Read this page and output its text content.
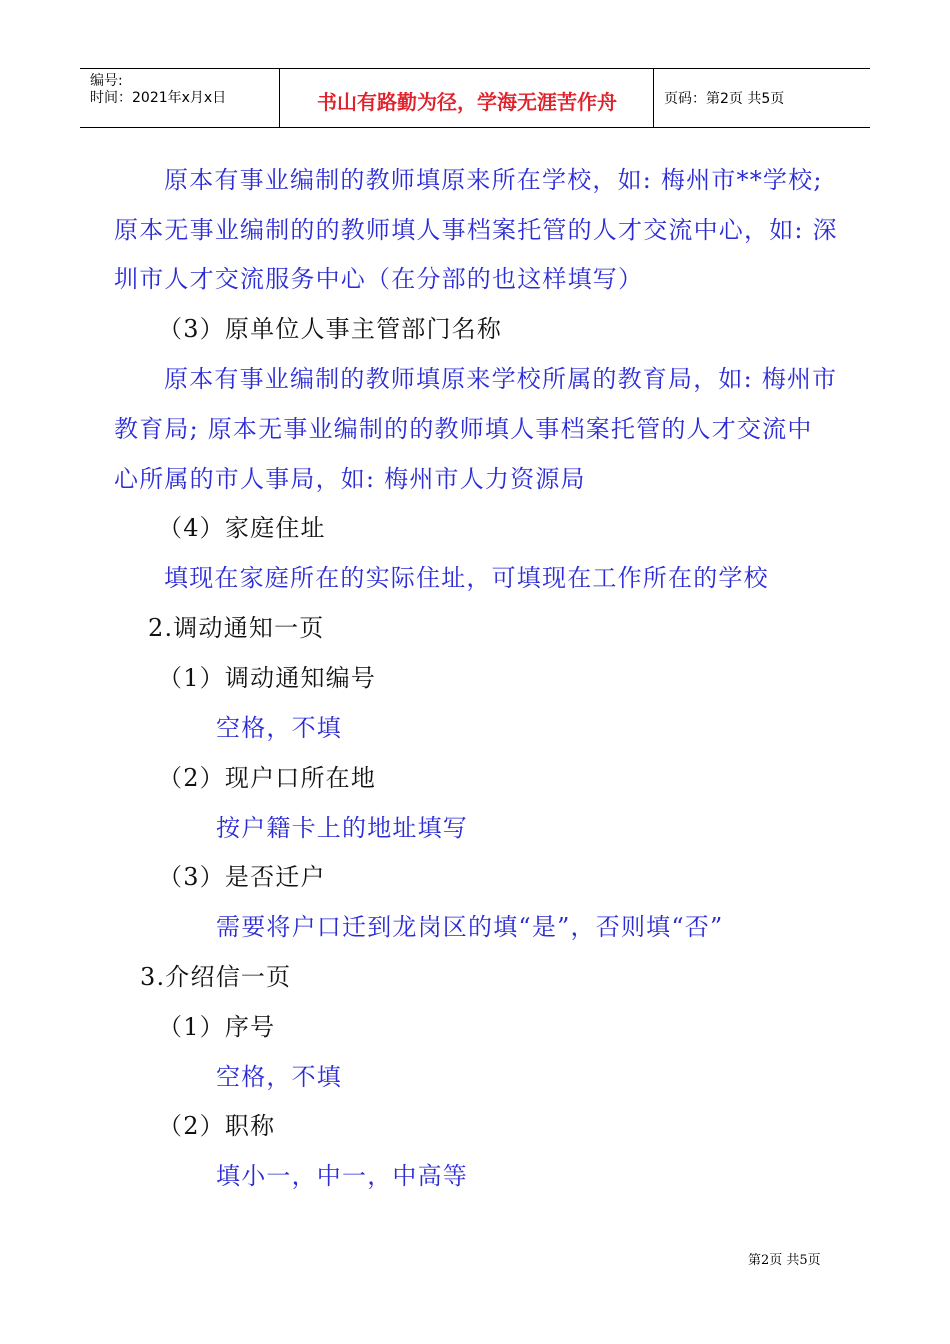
编号:
时间：2021年x月x日	书山有路勤为径，学海无涯苦作舟	页码：第2页 共5页
原本有事业编制的教师填原来所在学校，如: 梅州市**学校;
原本无事业编制的的教师填人事档案托管的人才交流中心，如: 深
圳市人才交流服务中心（在分部的也这样填写）
（3）原单位人事主管部门名称
原本有事业编制的教师填原来学校所属的教育局，如: 梅州市
教育局; 原本无事业编制的的教师填人事档案托管的人才交流中
心所属的市人事局，如: 梅州市人力资源局
（4）家庭住址
填现在家庭所在的实际住址，可填现在工作所在的学校
2.调动通知一页
（1）调动通知编号
空格，不填
（2）现户口所在地
按户籍卡上的地址填写
（3）是否迁户
需要将户口迁到龙岗区的填“是”，否则填“否”
3.介绍信一页
（1）序号
空格，不填
（2）职称
填小一，中一，中高等
第2页 共5页
